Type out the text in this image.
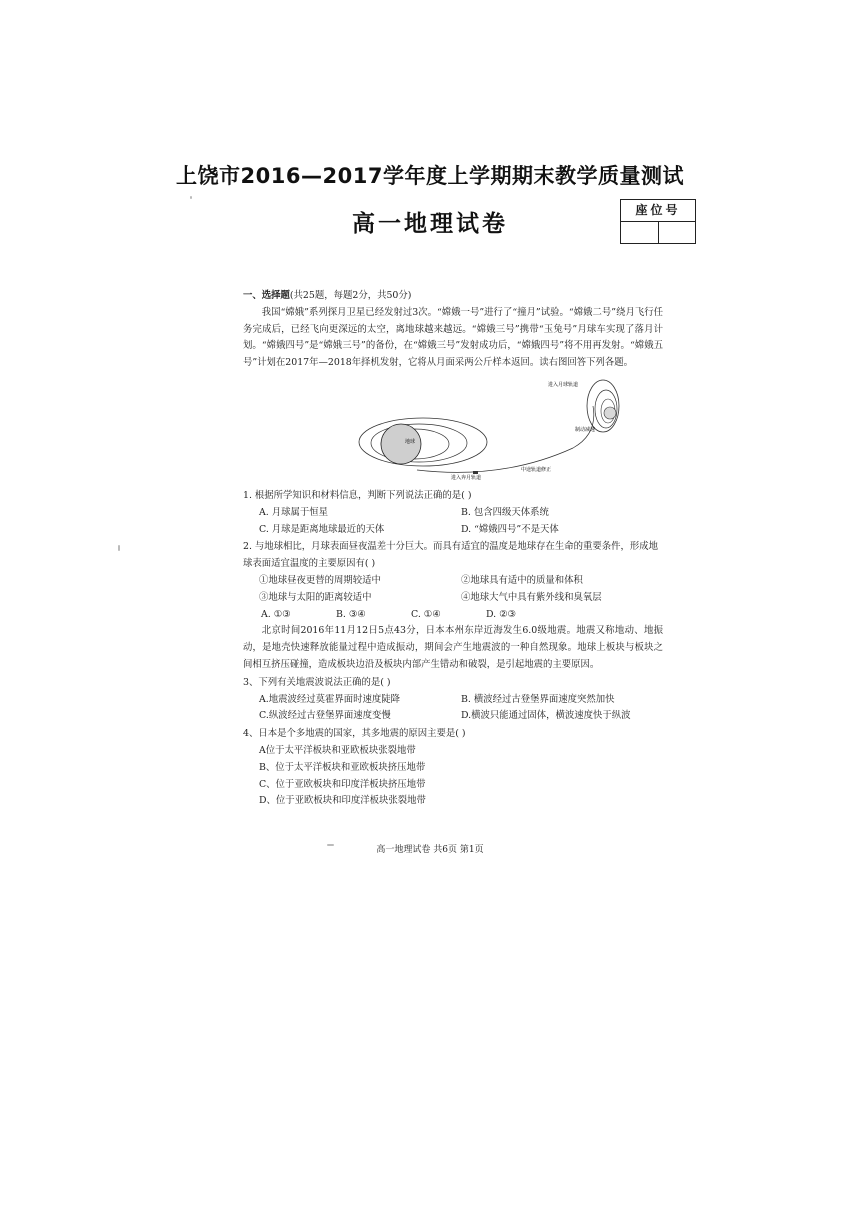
上饶市2016—2017学年度上学期期末教学质量测试
高一地理试卷
座位号
一、选择题(共25题，每题2分，共50分)
我国“嫦娥”系列探月卫星已经发射过3次。“嫦娥一号”进行了“撞月”试验。“嫦娥二号”绕月飞行任务完成后，已经飞向更深远的太空，离地球越来越远。“嫦娥三号”携带“玉兔号”月球车实现了落月计划。“嫦娥四号”是“嫦娥三号”的备份，在“嫦娥三号”发射成功后，“嫦娥四号”将不用再发射。“嫦娥五号”计划在2017年—2018年择机发射，它将从月面采两公斤样本返回。读右图回答下列各题。
进入月球轨道
制动减速
地球
进入奔月轨道
中途轨道修正
1. 根据所学知识和材料信息，判断下列说法正确的是( )
A. 月球属于恒星	B. 包含四级天体系统
C. 月球是距离地球最近的天体	D. “嫦娥四号”不是天体
2. 与地球相比，月球表面昼夜温差十分巨大。而具有适宜的温度是地球存在生命的重要条件，形成地球表面适宜温度的主要原因有( )
①地球昼夜更替的周期较适中	②地球具有适中的质量和体积
③地球与太阳的距离较适中	④地球大气中具有紫外线和臭氧层
A. ①③	B. ③④	C. ①④	D. ②③
北京时间2016年11月12日5点43分，日本本州东岸近海发生6.0级地震。地震又称地动、地振动，是地壳快速释放能量过程中造成振动，期间会产生地震波的一种自然现象。地球上板块与板块之间相互挤压碰撞，造成板块边沿及板块内部产生错动和破裂，是引起地震的主要原因。
3、下列有关地震波说法正确的是( )
A.地震波经过莫霍界面时速度陡降	B. 横波经过古登堡界面速度突然加快
C.纵波经过古登堡界面速度变慢	D.横波只能通过固体，横波速度快于纵波
4、日本是个多地震的国家，其多地震的原因主要是( )
A位于太平洋板块和亚欧板块张裂地带
B、位于太平洋板块和亚欧板块挤压地带
C、位于亚欧板块和印度洋板块挤压地带
D、位于亚欧板块和印度洋板块张裂地带
高一地理试卷 共6页 第1页
